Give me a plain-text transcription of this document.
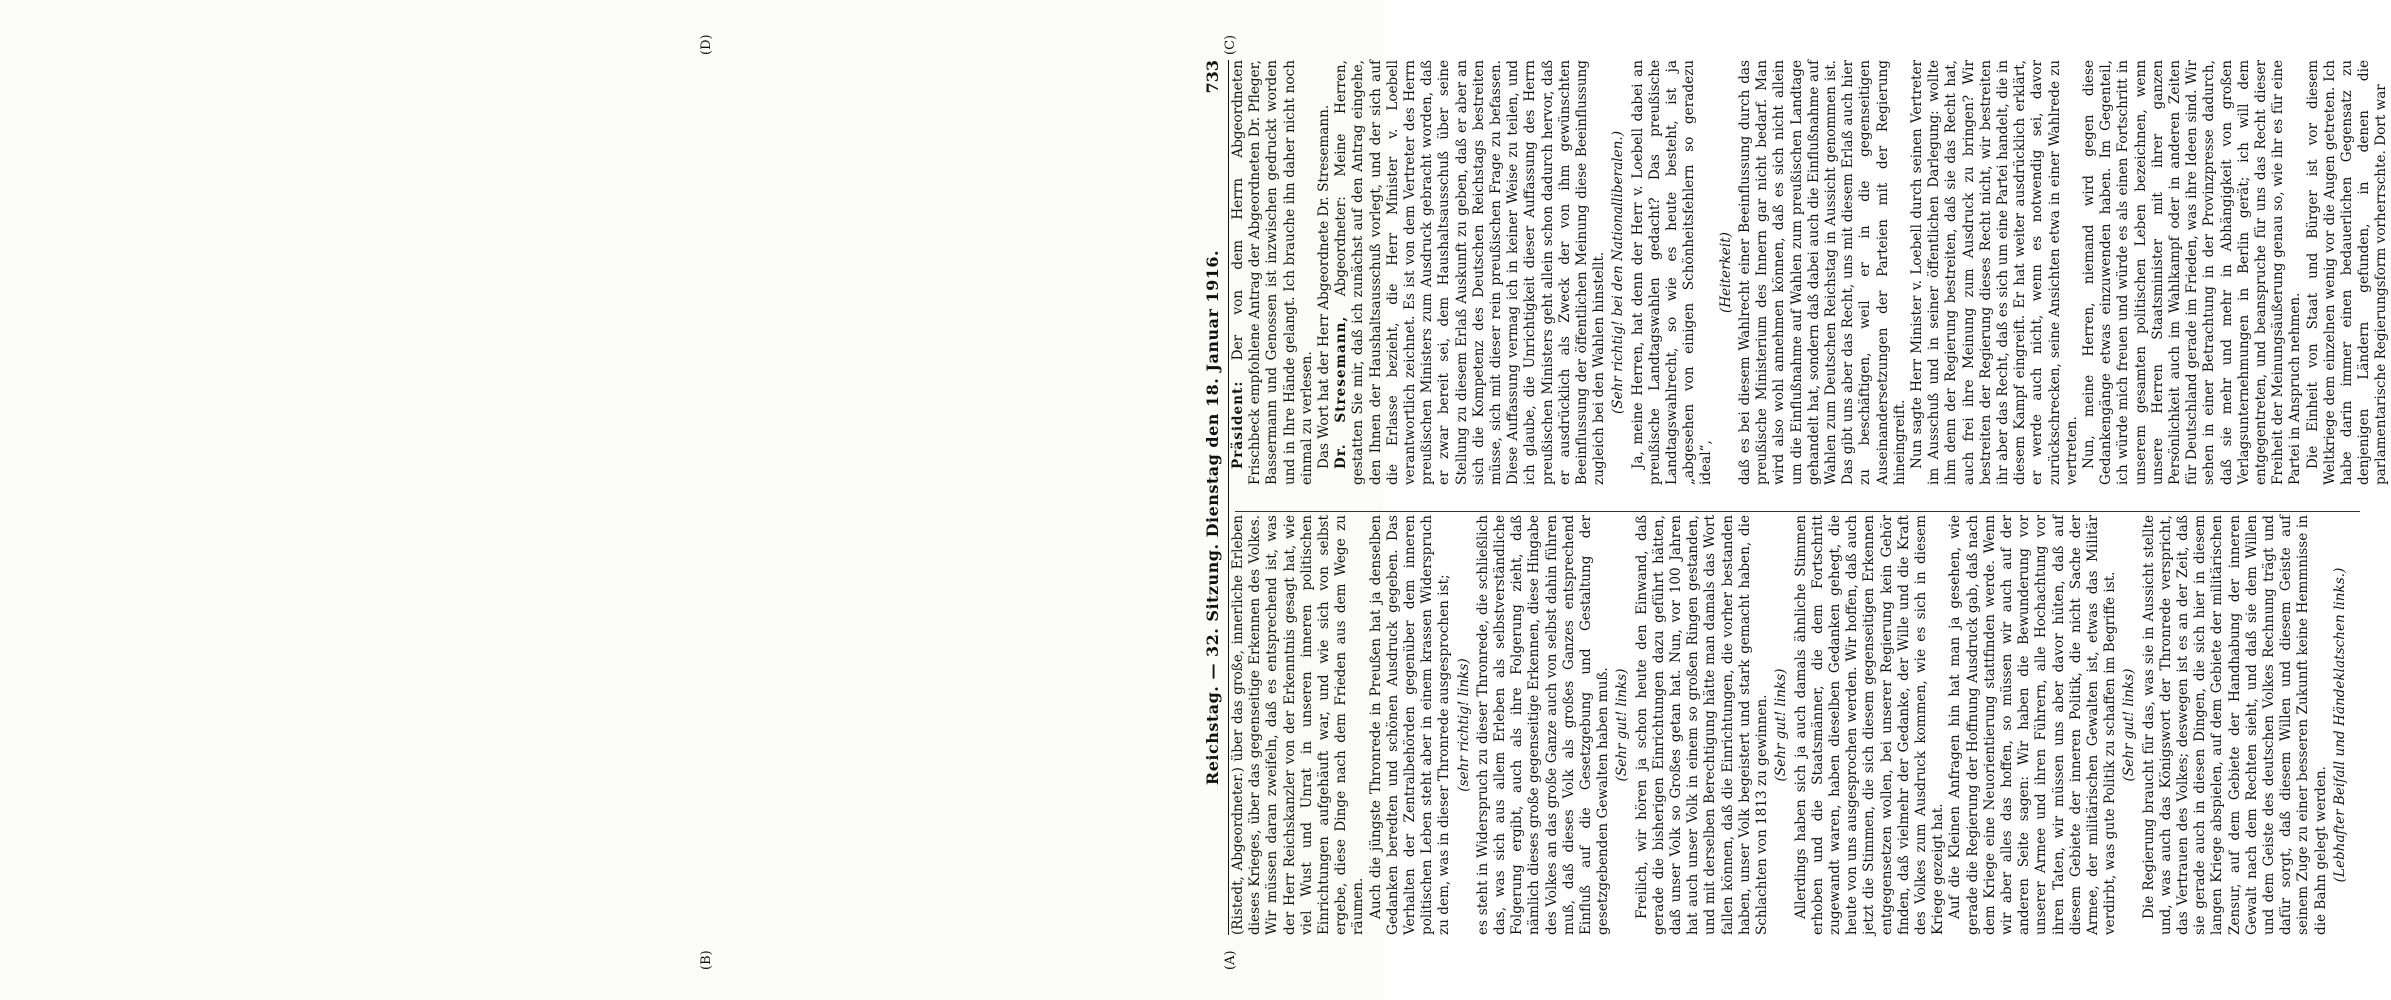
Reichstag. — 32. Sitzung. Dienstag den 18. Januar 1916.
733
(A)
(B)
(C)
(D)

(Ristedt, Abgeordneter.) über das große, innerliche Erleben dieses Krieges, über das gegenseitige Erkennen des Volkes. Wir müssen daran zweifeln, daß es entsprechend ist, was der Herr Reichskanzler von der Erkenntnis gesagt hat, wie viel Wust und Unrat in unseren inneren politischen Einrichtungen aufgehäuft war, und wie sich von selbst ergebe, diese Dinge nach dem Frieden aus dem Wege zu räumen. Auch die jüngste Thronrede in Preußen hat ja denselben Gedanken beredten und schönen Ausdruck gegeben. Das Verhalten der Zentralbehörden gegenüber dem inneren politischen Leben steht aber in einem krassen Widerspruch zu dem, was in dieser Thronrede ausgesprochen ist; (sehr richtig! links) es steht in Widerspruch zu dieser Thronrede, die schließlich das, was sich aus allem Erleben als selbstverständliche Folgerung ergibt, auch als ihre Folgerung zieht, daß nämlich dieses große gegenseitige Erkennen, diese Hingabe des Volkes an das große Ganze auch von selbst dahin führen muß, daß dieses Volk als großes Ganzes entsprechend Einfluß auf die Gesetzgebung und Gestaltung der gesetzgebenden Gewalten haben muß. (Sehr gut! links) Freilich, wir hören ja schon heute den Einwand, daß gerade die bisherigen Einrichtungen dazu geführt hätten, daß unser Volk so Großes getan hat. Nun, vor 100 Jahren hat auch unser Volk in einem so großen Ringen gestanden, und mit derselben Berechtigung hätte man damals das Wort fallen können, daß die Einrichtungen, die vorher bestanden haben, unser Volk begeistert und stark gemacht haben, die Schlachten von 1813 zu gewinnen. (Sehr gut! links) Allerdings haben sich ja auch damals ähnliche Stimmen erhoben und die Staatsmänner, die dem Fortschritt zugewandt waren, haben dieselben Gedanken gehegt, die heute von uns ausgesprochen werden. Wir hoffen, daß auch jetzt die Stimmen, die sich diesem gegenseitigen Erkennen entgegensetzen wollen, bei unserer Regierung kein Gehör finden, daß vielmehr der Gedanke, der Wille und die Kraft des Volkes zum Ausdruck kommen, wie es sich in diesem Kriege gezeigt hat. Auf die Kleinen Anfragen hin hat man ja gesehen, wie gerade die Regierung der Hoffnung Ausdruck gab, daß nach dem Kriege eine Neuorientierung stattfinden werde. Wenn wir aber alles das hoffen, so müssen wir auch auf der anderen Seite sagen: Wir haben die Bewunderung vor unserer Armee und ihren Führern, alle Hochachtung vor ihren Taten, wir müssen uns aber davor hüten, daß auf diesem Gebiete der inneren Politik, die nicht Sache der Armee, der militärischen Gewalten ist, etwas das Militär verdirbt, was gute Politik zu schaffen im Begriffe ist. (Sehr gut! links) Die Regierung braucht für das, was sie in Aussicht stellte und, was auch das Königswort der Thronrede verspricht, das Vertrauen des Volkes; deswegen ist es an der Zeit, daß sie gerade auch in diesen Dingen, die sich hier in diesem langen Kriege abspielen, auf dem Gebiete der militärischen Zensur, auf dem Gebiete der Handhabung der inneren Gewalt nach dem Rechten sieht, und daß sie dem Willen und dem Geiste des deutschen Volkes Rechnung trägt und dafür sorgt, daß diesem Willen und diesem Geiste auf seinem Zuge zu einer besseren Zukunft keine Hemmnisse in die Bahn gelegt werden. (Lebhafter Beifall und Händeklatschen links.)

Präsident: Der von dem Herrn Abgeordneten Frischbeck empfohlene Antrag der Abgeordneten Dr. Pfleger, Bassermann und Genossen ist inzwischen gedruckt worden und in Ihre Hände gelangt. Ich brauche ihn daher nicht noch einmal zu verlesen. Das Wort hat der Herr Abgeordnete Dr. Stresemann. Dr. Stresemann, Abgeordneter: Meine Herren, gestatten Sie mir, daß ich zunächst auf den Antrag eingehe, den Ihnen der Haushaltsausschuß vorlegt, und der sich auf die Erlasse bezieht, die Herr Minister v. Loebell verantwortlich zeichnet. Es ist von dem Vertreter des Herrn preußischen Ministers zum Ausdruck gebracht worden, daß er zwar bereit sei, dem Haushaltsausschuß über seine Stellung zu diesem Erlaß Auskunft zu geben, daß er aber an sich die Kompetenz des Deutschen Reichstags bestreiten müsse, sich mit dieser rein preußischen Frage zu befassen. Diese Auffassung vermag ich in keiner Weise zu teilen, und ich glaube, die Unrichtigkeit dieser Auffassung des Herrn preußischen Ministers geht allein schon dadurch hervor, daß er ausdrücklich als Zweck der von ihm gewünschten Beeinflussung der öffentlichen Meinung diese Beeinflussung zugleich bei den Wahlen hinstellt. (Sehr richtig! bei den Nationalliberalen.) Ja, meine Herren, hat denn der Herr v. Loebell dabei an preußische Landtagswahlen gedacht? Das preußische Landtagswahlrecht, so wie es heute besteht, ist ja „abgesehen von einigen Schönheitsfehlern so geradezu ideal“,

(Heiterkeit) daß es bei diesem Wahlrecht einer Beeinflussung durch das preußische Ministerium des Innern gar nicht bedarf. Man wird also wohl annehmen können, daß es sich nicht allein um die Einflußnahme auf Wahlen zum preußischen Landtage gehandelt hat, sondern daß dabei auch die Einflußnahme auf Wahlen zum Deutschen Reichstag in Aussicht genommen ist. Das gibt uns aber das Recht, uns mit diesem Erlaß auch hier zu beschäftigen, weil er in die gegenseitigen Auseinandersetzungen der Parteien mit der Regierung hineingreift. Nun sagte Herr Minister v. Loebell durch seinen Vertreter im Ausschuß und in seiner öffentlichen Darlegung: wollte ihm denn der Regierung bestreiten, daß sie das Recht hat, auch frei ihre Meinung zum Ausdruck zu bringen? Wir bestreiten der Regierung dieses Recht nicht, wir bestreiten ihr aber das Recht, daß es sich um eine Partei handelt, die in diesem Kampf eingreift. Er hat weiter ausdrücklich erklärt, er werde auch nicht, wenn es notwendig sei, davor zurückschrecken, seine Ansichten etwa in einer Wahlrede zu vertreten. Nun, meine Herren, niemand wird gegen diese Gedankengänge etwas einzuwenden haben. Im Gegenteil, ich würde mich freuen und würde es als einen Fortschritt in unserem gesamten politischen Leben bezeichnen, wenn unsere Herren Staatsminister mit ihrer ganzen Persönlichkeit auch im Wahlkampf oder in anderen Zeiten für Deutschland gerade im Frieden, was ihre Ideen sind. Wir sehen in einer Betrachtung in der Provinzpresse dadurch, daß sie mehr und mehr in Abhängigkeit von großen Verlagsunternehmungen in Berlin gerät; ich will dem entgegentreten, und beanspruche für uns das Recht dieser Freiheit der Meinungsäußerung genau so, wie ihr es für eine Partei in Anspruch nehmen. Die Einheit von Staat und Bürger ist vor diesem Weltkriege dem einzelnen wenig vor die Augen getreten. Ich habe darin immer einen bedauerlichen Gegensatz zu denjenigen Ländern gefunden, in denen die parlamentarische Regierungsform vorherrschte. Dort war
